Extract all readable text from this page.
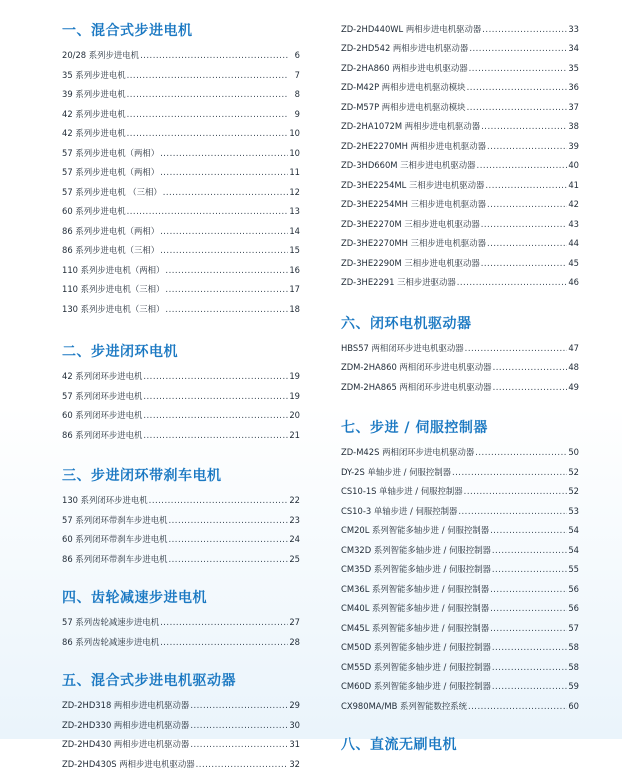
一、混合式步进电机
20/28 系列步进电机 .....	6
35 系列步进电机 .....	7
39 系列步进电机 .....	8
42 系列步进电机 .....	9
42 系列步进电机 .....	10
57 系列步进电机（两相） .....	10
57 系列步进电机（两相） .....	11
57 系列步进电机 （三相） .....	12
60 系列步进电机 .....	13
86 系列步进电机（两相） .....	14
86 系列步进电机（三相） .....	15
110 系列步进电机（两相） .....	16
110 系列步进电机（三相） .....	17
130 系列步进电机（三相） .....	18
二、步进闭环电机
42 系列闭环步进电机 .....	19
57 系列闭环步进电机 .....	19
60 系列闭环步进电机 .....	20
86 系列闭环步进电机 .....	21
三、步进闭环带刹车电机
130 系列闭环步进电机 .....	22
57 系列闭环带刹车步进电机 .....	23
60 系列闭环带刹车步进电机 .....	24
86 系列闭环带刹车步进电机 .....	25
四、齿轮减速步进电机
57 系列齿轮减速步进电机 .....	27
86 系列齿轮减速步进电机 .....	28
五、混合式步进电机驱动器
ZD-2HD318 两相步进电机驱动器 .....	29
ZD-2HD330 两相步进电机驱动器 .....	30
ZD-2HD430 两相步进电机驱动器 .....	31
ZD-2HD430S 两相步进电机驱动器 .....	32
ZD-2HD440WL 两相步进电机驱动器 .....	33
ZD-2HD542 两相步进电机驱动器 .....	34
ZD-2HA860 两相步进电机驱动器 .....	35
ZD-M42P 两相步进电机驱动模块 .....	36
ZD-M57P 两相步进电机驱动模块 .....	37
ZD-2HA1072M 两相步进电机驱动器 .....	38
ZD-2HE2270MH 两相步进电机驱动器 .....	39
ZD-3HD660M 三相步进电机驱动器 .....	40
ZD-3HE2254ML 三相步进电机驱动器 .....	41
ZD-3HE2254MH 三相步进电机驱动器 .....	42
ZD-3HE2270M 三相步进电机驱动器 .....	43
ZD-3HE2270MH 三相步进电机驱动器 .....	44
ZD-3HE2290M 三相步进电机驱动器 .....	45
ZD-3HE2291 三相步进驱动器 .....	46
六、闭环电机驱动器
HBS57 两相闭环步进电机驱动器 .....	47
ZDM-2HA860 两相闭环步进电机驱动器 .....	48
ZDM-2HA865 两相闭环步进电机驱动器 .....	49
七、步进 / 伺服控制器
ZD-M42S 两相闭环步进电机驱动器 .....	50
DY-2S 单轴步进 / 伺服控制器 .....	52
CS10-1S 单轴步进 / 伺服控制器 .....	52
CS10-3 单轴步进 / 伺服控制器 .....	53
CM20L 系列智能多轴步进 / 伺服控制器 .....	54
CM32D 系列智能多轴步进 / 伺服控制器 .....	54
CM35D 系列智能多轴步进 / 伺服控制器 .....	55
CM36L 系列智能多轴步进 / 伺服控制器 .....	56
CM40L 系列智能多轴步进 / 伺服控制器 .....	56
CM45L 系列智能多轴步进 / 伺服控制器 .....	57
CM50D 系列智能多轴步进 / 伺服控制器 .....	58
CM55D 系列智能多轴步进 / 伺服控制器 .....	58
CM60D 系列智能多轴步进 / 伺服控制器 .....	59
CX980MA/MB 系列智能数控系统 .....	60
八、直流无刷电机
